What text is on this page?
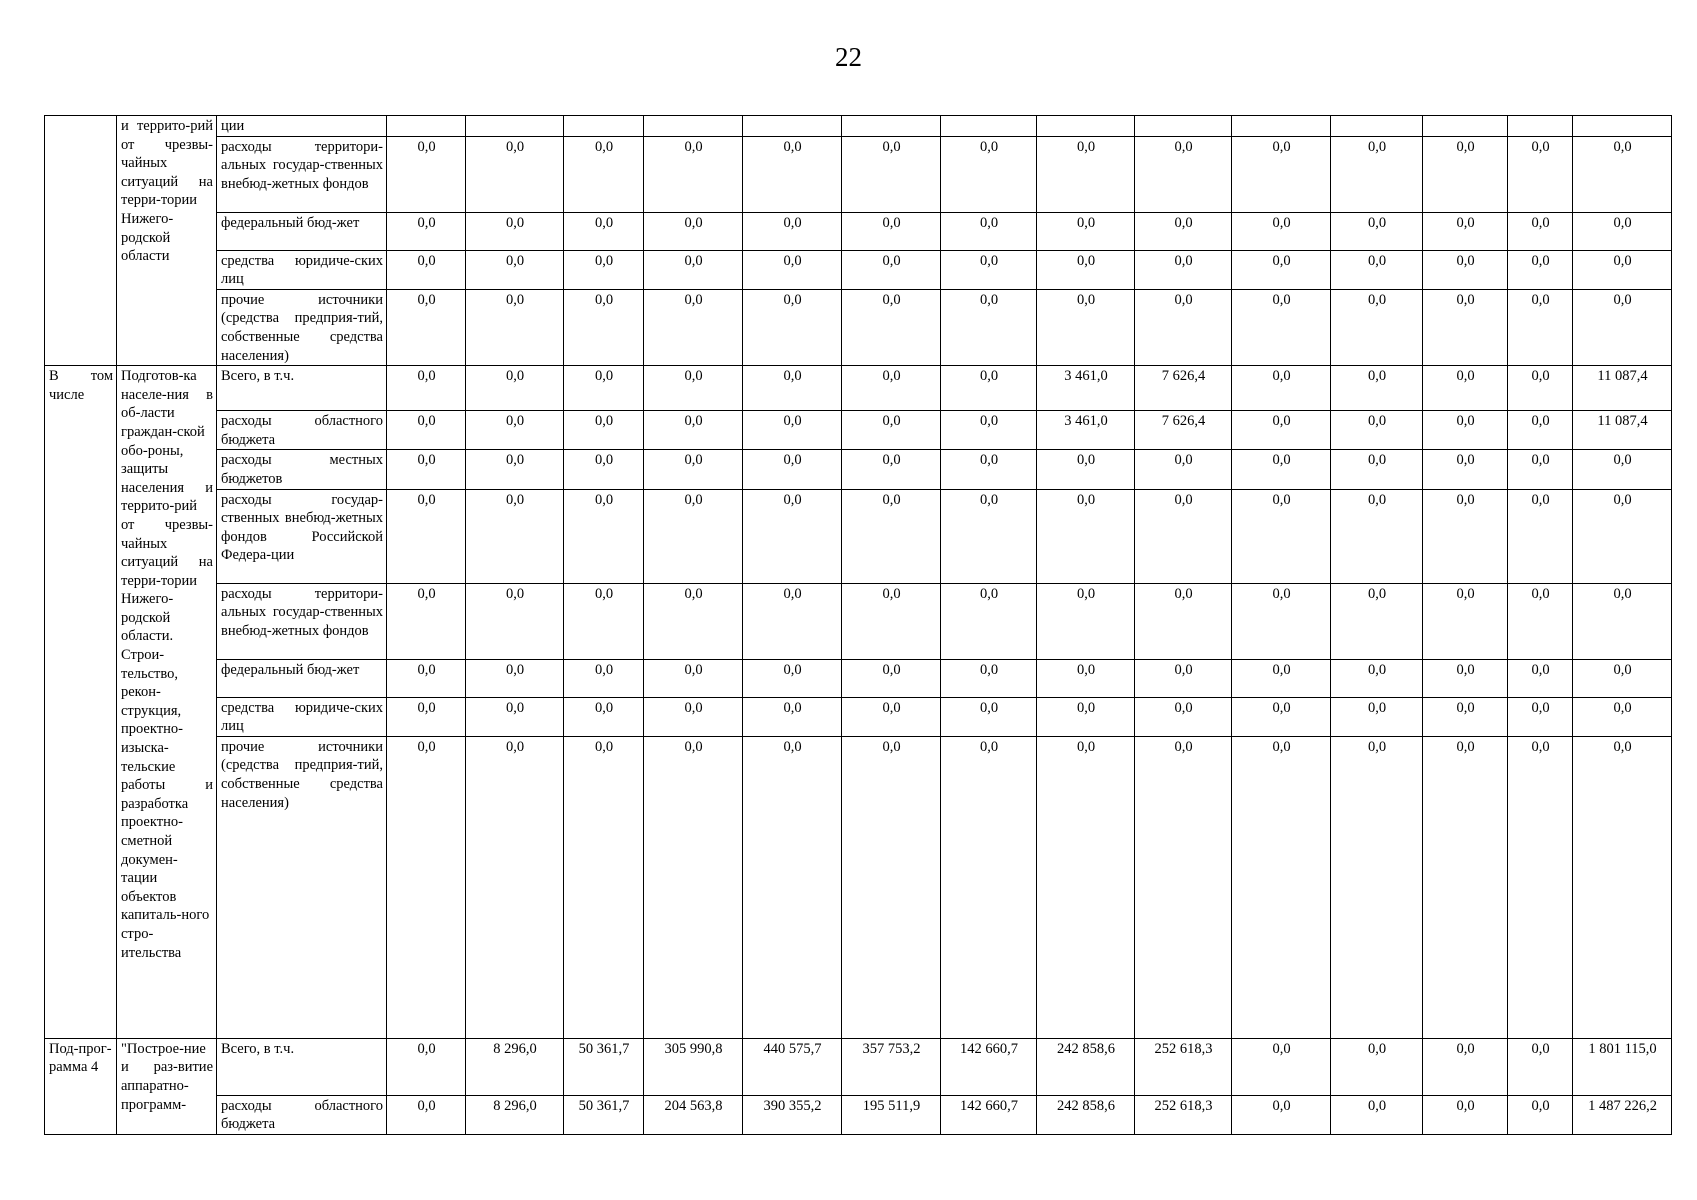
22
	и террито-рий от чрезвы-чайных ситуаций на терри-тории Нижего-родской области	ции														
		расходы территори-альных государ-ственных внебюд-жетных фондов	0,0	0,0	0,0	0,0	0,0	0,0	0,0	0,0	0,0	0,0	0,0	0,0	0,0	0,0
		федеральный бюд-жет	0,0	0,0	0,0	0,0	0,0	0,0	0,0	0,0	0,0	0,0	0,0	0,0	0,0	0,0
		средства юридиче-ских лиц	0,0	0,0	0,0	0,0	0,0	0,0	0,0	0,0	0,0	0,0	0,0	0,0	0,0	0,0
		прочие источники (средства предприя-тий, собственные средства населения)	0,0	0,0	0,0	0,0	0,0	0,0	0,0	0,0	0,0	0,0	0,0	0,0	0,0	0,0
В том числе	Подготов-ка населе-ния в об-ласти граждан-ской обо-роны, защиты населения и террито-рий от чрезвы-чайных ситуаций на терри-тории Нижего-родской области. Строи-тельство, рекон-струкция, проектно-изыска-тельские работы и разработка проектно-сметной докумен-тации объектов капиталь-ного стро-ительства	Всего, в т.ч.	0,0	0,0	0,0	0,0	0,0	0,0	0,0	3 461,0	7 626,4	0,0	0,0	0,0	0,0	11 087,4
		расходы областного бюджета	0,0	0,0	0,0	0,0	0,0	0,0	0,0	3 461,0	7 626,4	0,0	0,0	0,0	0,0	11 087,4
		расходы местных бюджетов	0,0	0,0	0,0	0,0	0,0	0,0	0,0	0,0	0,0	0,0	0,0	0,0	0,0	0,0
		расходы государ-ственных внебюд-жетных фондов Российской Федера-ции	0,0	0,0	0,0	0,0	0,0	0,0	0,0	0,0	0,0	0,0	0,0	0,0	0,0	0,0
		расходы территори-альных государ-ственных внебюд-жетных фондов	0,0	0,0	0,0	0,0	0,0	0,0	0,0	0,0	0,0	0,0	0,0	0,0	0,0	0,0
		федеральный бюд-жет	0,0	0,0	0,0	0,0	0,0	0,0	0,0	0,0	0,0	0,0	0,0	0,0	0,0	0,0
		средства юридиче-ских лиц	0,0	0,0	0,0	0,0	0,0	0,0	0,0	0,0	0,0	0,0	0,0	0,0	0,0	0,0
		прочие источники (средства предприя-тий, собственные средства населения)	0,0	0,0	0,0	0,0	0,0	0,0	0,0	0,0	0,0	0,0	0,0	0,0	0,0	0,0
Под-прог-рамма 4	"Построе-ние и раз-витие аппаратно-программ-	Всего, в т.ч.	0,0	8 296,0	50 361,7	305 990,8	440 575,7	357 753,2	142 660,7	242 858,6	252 618,3	0,0	0,0	0,0	0,0	1 801 115,0
		расходы областного бюджета	0,0	8 296,0	50 361,7	204 563,8	390 355,2	195 511,9	142 660,7	242 858,6	252 618,3	0,0	0,0	0,0	0,0	1 487 226,2
